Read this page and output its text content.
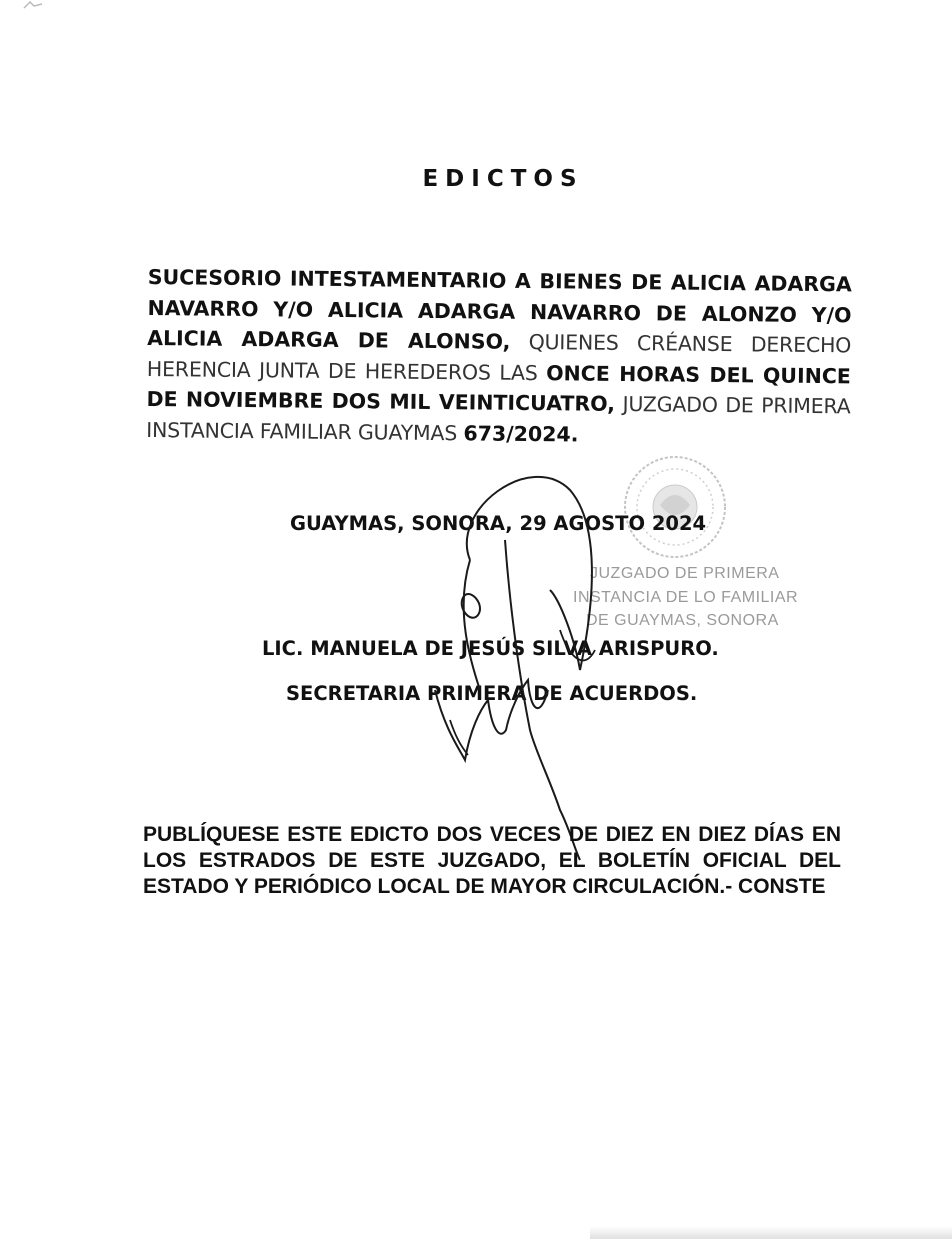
EDICTOS
SUCESORIO INTESTAMENTARIO A BIENES DE ALICIA ADARGA NAVARRO Y/O ALICIA ADARGA NAVARRO DE ALONZO Y/O ALICIA ADARGA DE ALONSO, QUIENES CRÉANSE DERECHO HERENCIA JUNTA DE HEREDEROS LAS ONCE HORAS DEL QUINCE DE NOVIEMBRE DOS MIL VEINTICUATRO, JUZGADO DE PRIMERA INSTANCIA FAMILIAR GUAYMAS 673/2024.
JUZGADO DE PRIMERA
INSTANCIA DE LO FAMILIAR
DE GUAYMAS, SONORA
GUAYMAS, SONORA, 29 AGOSTO 2024
LIC. MANUELA DE JESÚS SILVA ARISPURO.
SECRETARIA PRIMERA DE ACUERDOS.
PUBLÍQUESE ESTE EDICTO DOS VECES DE DIEZ EN DIEZ DÍAS EN LOS ESTRADOS DE ESTE JUZGADO, EL BOLETÍN OFICIAL DEL ESTADO Y PERIÓDICO LOCAL DE MAYOR CIRCULACIÓN.- CONSTE
